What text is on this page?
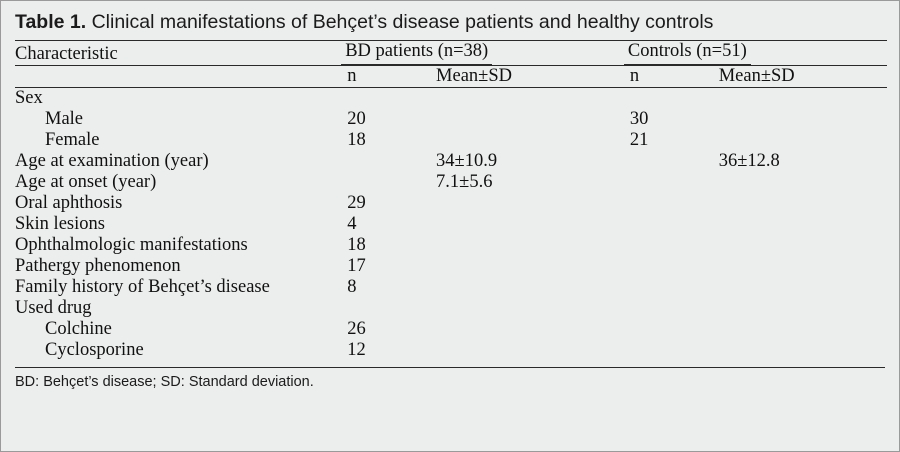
Table 1. Clinical manifestations of Behçet’s disease patients and healthy controls
Characteristic	BD patients (n=38)		Controls (n=51)	
	n	Mean±SD	n	Mean±SD
Sex				
Male	20		30	
Female	18		21	
Age at examination (year)		34±10.9		36±12.8
Age at onset (year)		7.1±5.6		
Oral aphthosis	29			
Skin lesions	4			
Ophthalmologic manifestations	18			
Pathergy phenomenon	17			
Family history of Behçet’s disease	8			
Used drug				
Colchine	26			
Cyclosporine	12			
BD: Behçet’s disease; SD: Standard deviation.
